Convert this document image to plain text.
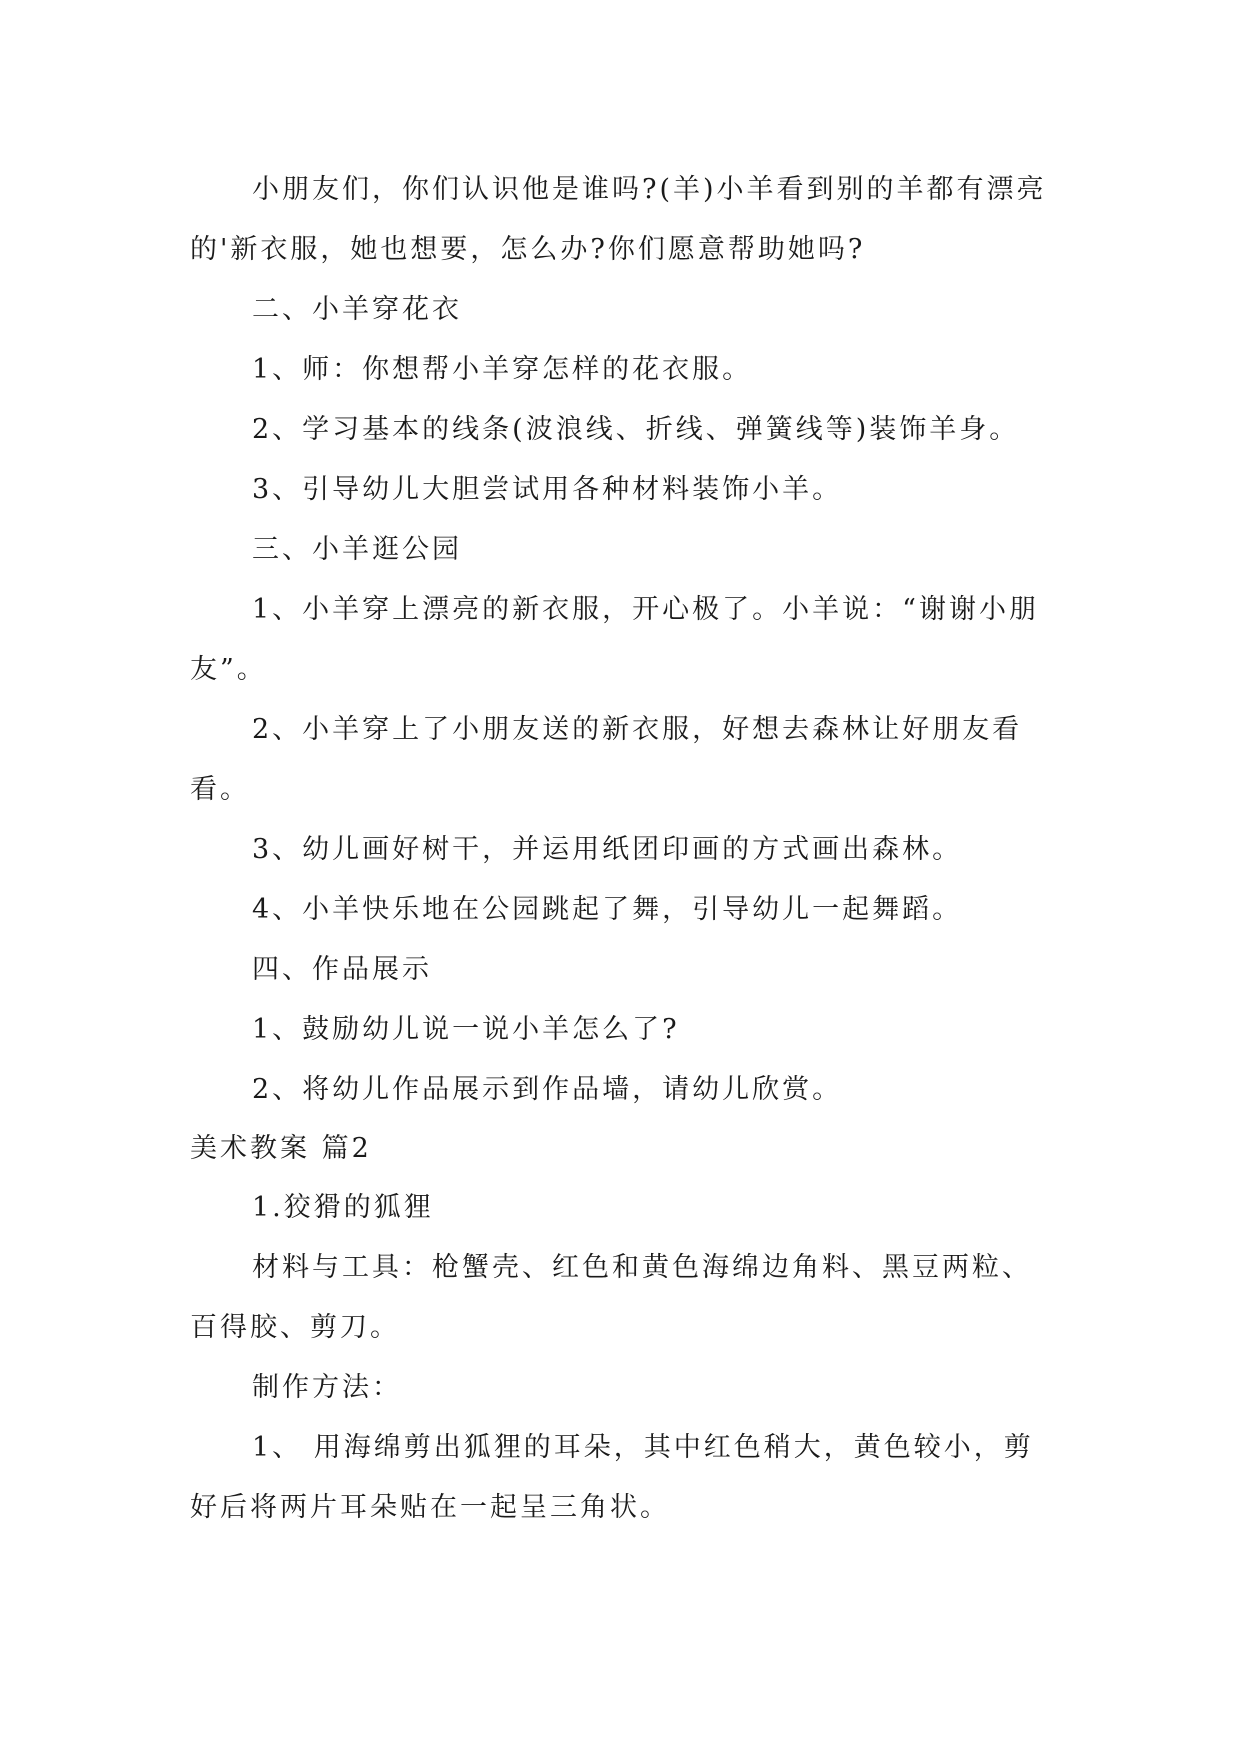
小朋友们，你们认识他是谁吗?(羊)小羊看到别的羊都有漂亮的'新衣服，她也想要，怎么办?你们愿意帮助她吗?

二、小羊穿花衣

1、师：你想帮小羊穿怎样的花衣服。

2、学习基本的线条(波浪线、折线、弹簧线等)装饰羊身。

3、引导幼儿大胆尝试用各种材料装饰小羊。

三、小羊逛公园

1、小羊穿上漂亮的新衣服，开心极了。小羊说：“谢谢小朋友”。

2、小羊穿上了小朋友送的新衣服，好想去森林让好朋友看看。

3、幼儿画好树干，并运用纸团印画的方式画出森林。

4、小羊快乐地在公园跳起了舞，引导幼儿一起舞蹈。

四、作品展示

1、鼓励幼儿说一说小羊怎么了?

2、将幼儿作品展示到作品墙，请幼儿欣赏。

美术教案 篇2

1.狡猾的狐狸

材料与工具：枪蟹壳、红色和黄色海绵边角料、黑豆两粒、百得胶、剪刀。

制作方法：

1、 用海绵剪出狐狸的耳朵，其中红色稍大，黄色较小，剪好后将两片耳朵贴在一起呈三角状。
